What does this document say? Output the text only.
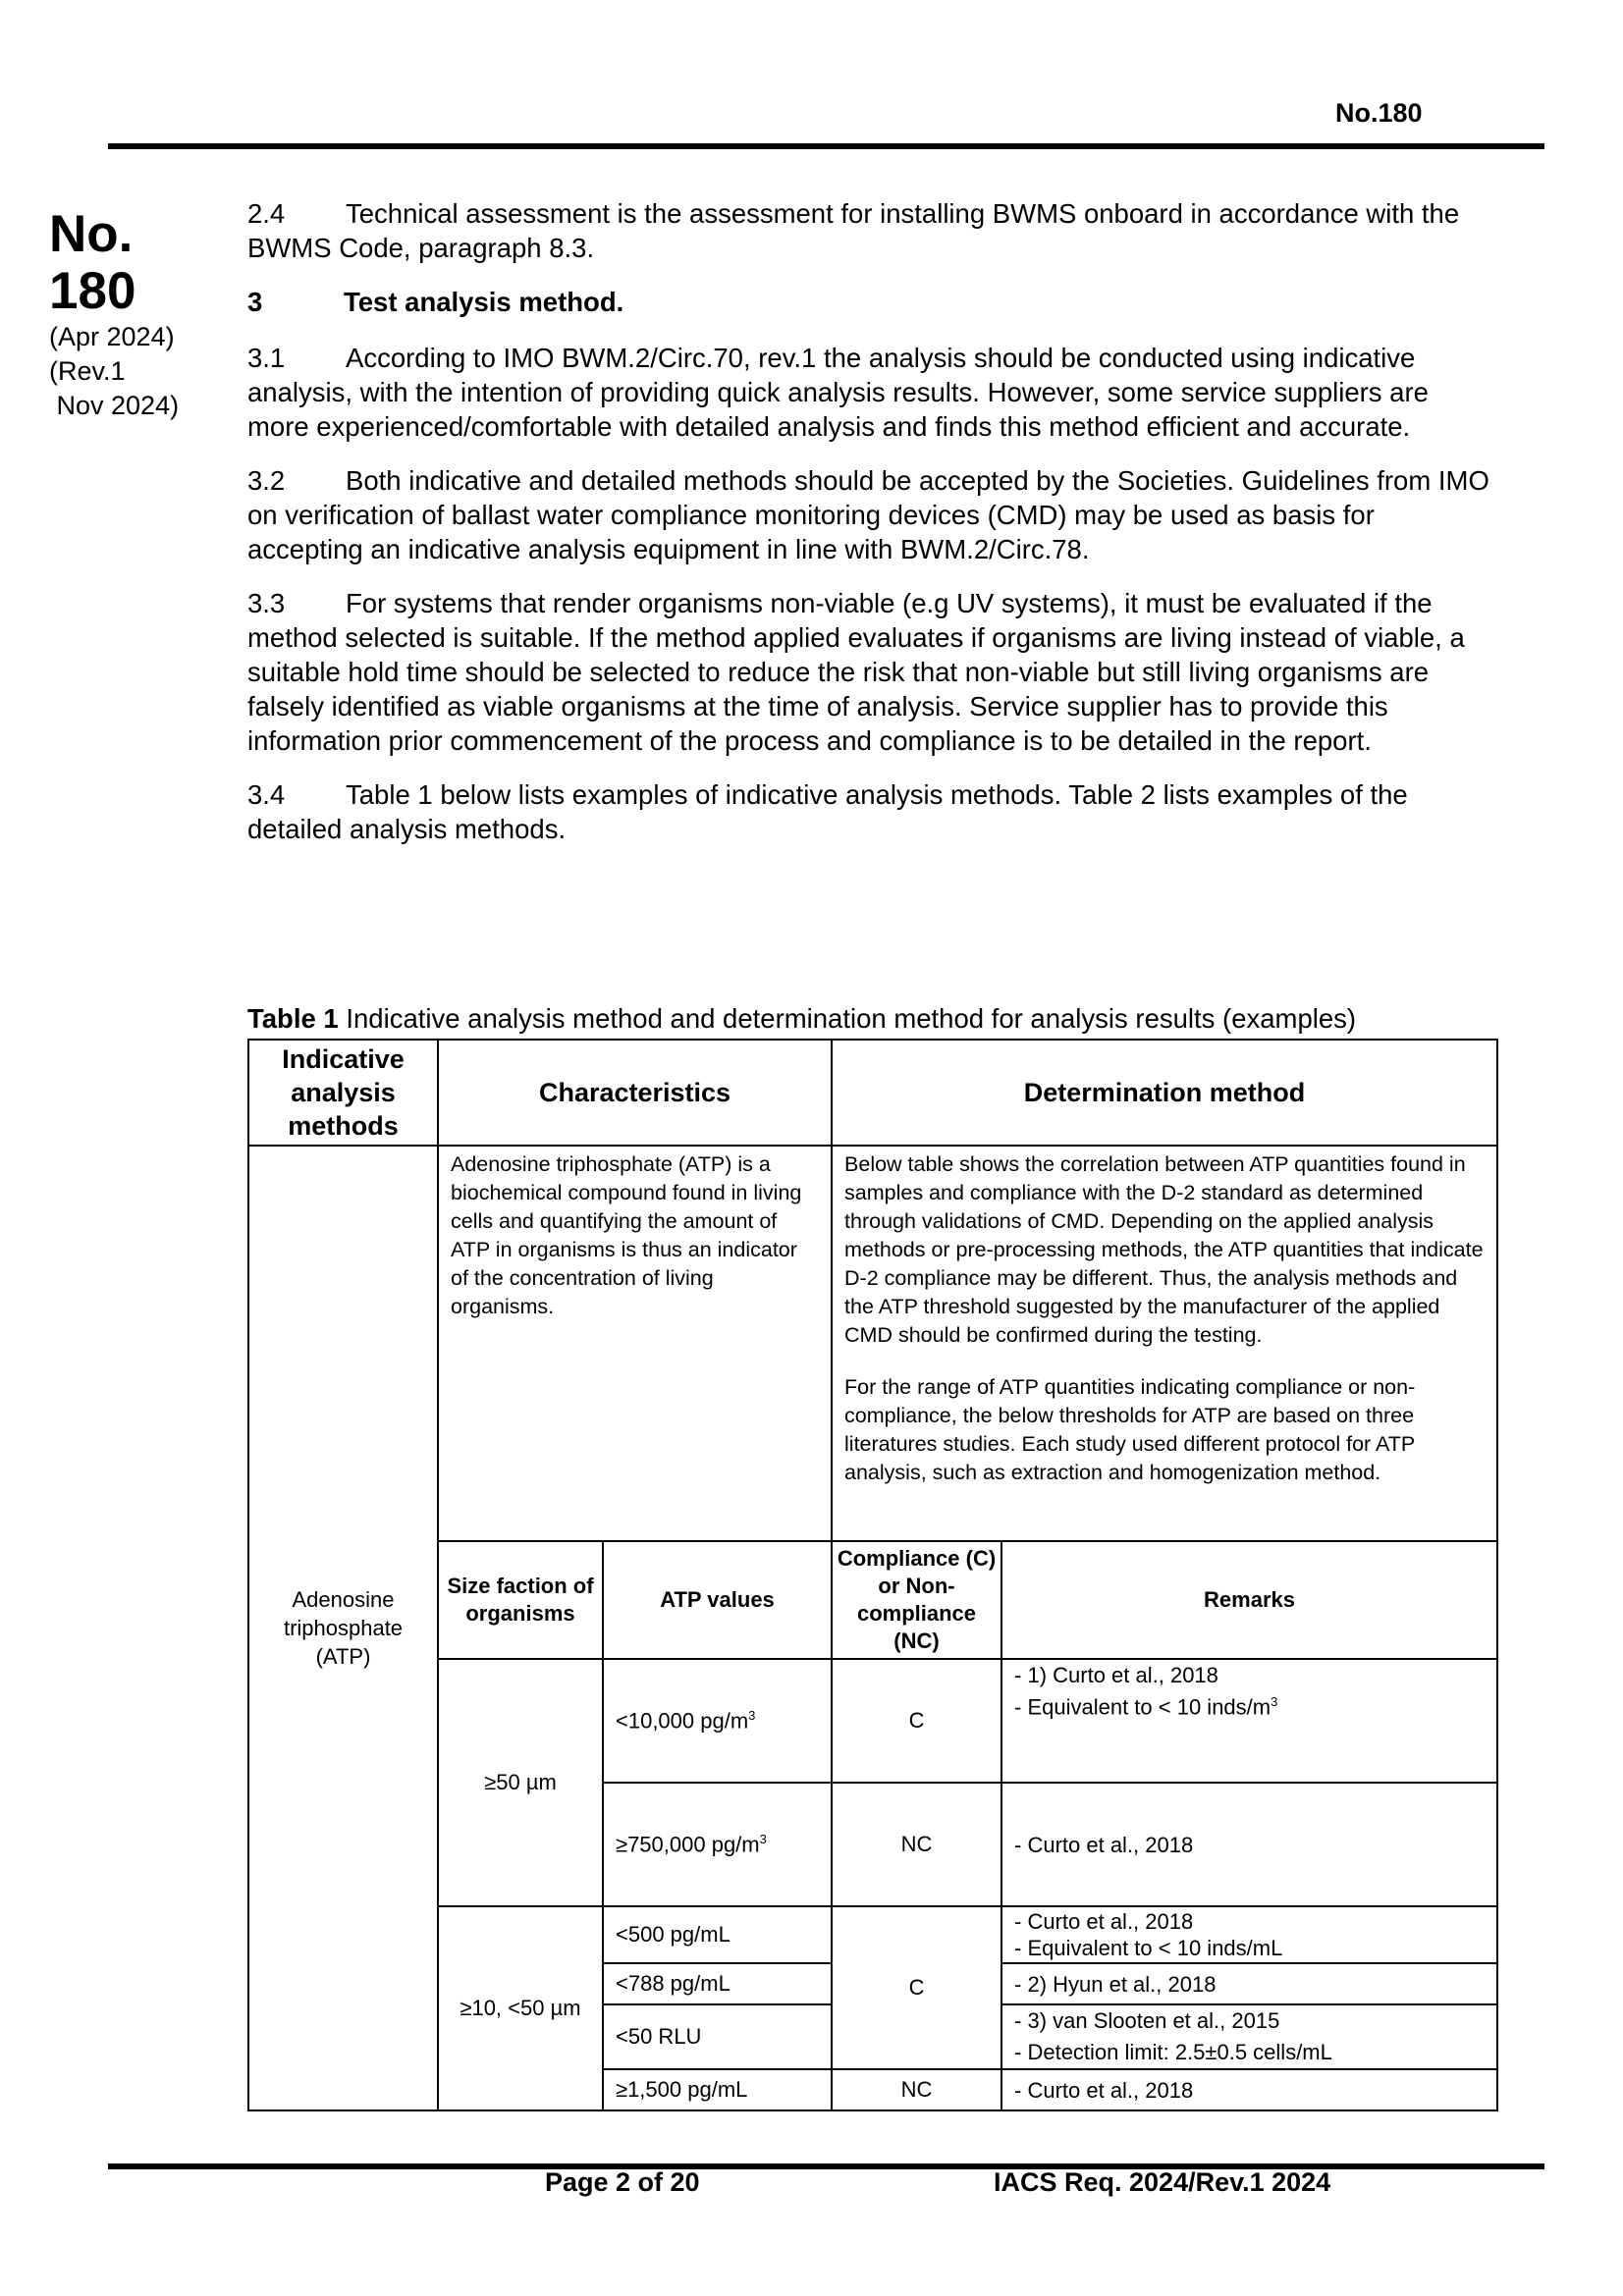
No.180
No.
180
(Apr 2024)
(Rev.1
Nov 2024)

2.4 Technical assessment is the assessment for installing BWMS onboard in accordance with the BWMS Code, paragraph 8.3.

3	Test analysis method.

3.1 According to IMO BWM.2/Circ.70, rev.1 the analysis should be conducted using indicative analysis, with the intention of providing quick analysis results. However, some service suppliers are more experienced/comfortable with detailed analysis and finds this method efficient and accurate.

3.2 Both indicative and detailed methods should be accepted by the Societies. Guidelines from IMO on verification of ballast water compliance monitoring devices (CMD) may be used as basis for accepting an indicative analysis equipment in line with BWM.2/Circ.78.

3.3 For systems that render organisms non-viable (e.g UV systems), it must be evaluated if the method selected is suitable. If the method applied evaluates if organisms are living instead of viable, a suitable hold time should be selected to reduce the risk that non-viable but still living organisms are falsely identified as viable organisms at the time of analysis. Service supplier has to provide this information prior commencement of the process and compliance is to be detailed in the report.

3.4 Table 1 below lists examples of indicative analysis methods. Table 2 lists examples of the detailed analysis methods.

Table 1 Indicative analysis method and determination method for analysis results (examples)
Indicative analysis methods	Characteristics		Determination method	
Adenosine triphosphate (ATP)	Adenosine triphosphate (ATP) is a biochemical compound found in living cells and quantifying the amount of ATP in organisms is thus an indicator of the concentration of living organisms.		Below table shows the correlation between ATP quantities found in samples and compliance with the D-2 standard as determined through validations of CMD. Depending on the applied analysis methods or pre-processing methods, the ATP quantities that indicate D-2 compliance may be different. Thus, the analysis methods and the ATP threshold suggested by the manufacturer of the applied CMD should be confirmed during the testing.
For the range of ATP quantities indicating compliance or non-compliance, the below thresholds for ATP are based on three literatures studies. Each study used different protocol for ATP analysis, such as extraction and homogenization method.	

	Size faction of organisms	ATP values	Compliance (C) or Non-compliance (NC)	Remarks
	≥50 µm	<10,000 $pg/m^3$	C	- 1) Curto et al., 2018
- Equivalent to < 10 inds/$m^3$

		≥750,000 $pg/m^3$	NC	- Curto et al., 2018
	≥10, <50 µm	<500 pg/mL	C	- Curto et al., 2018
- Equivalent to < 10 inds/mL

		<788 pg/mL		- 2) Hyun et al., 2018
		<50 RLU		- 3) van Slooten et al., 2015
- Detection limit: 2.5±0.5 cells/mL

		≥1,500 pg/mL	NC	- Curto et al., 2018
Page 2 of 20	IACS Req. 2024/Rev.1 2024
